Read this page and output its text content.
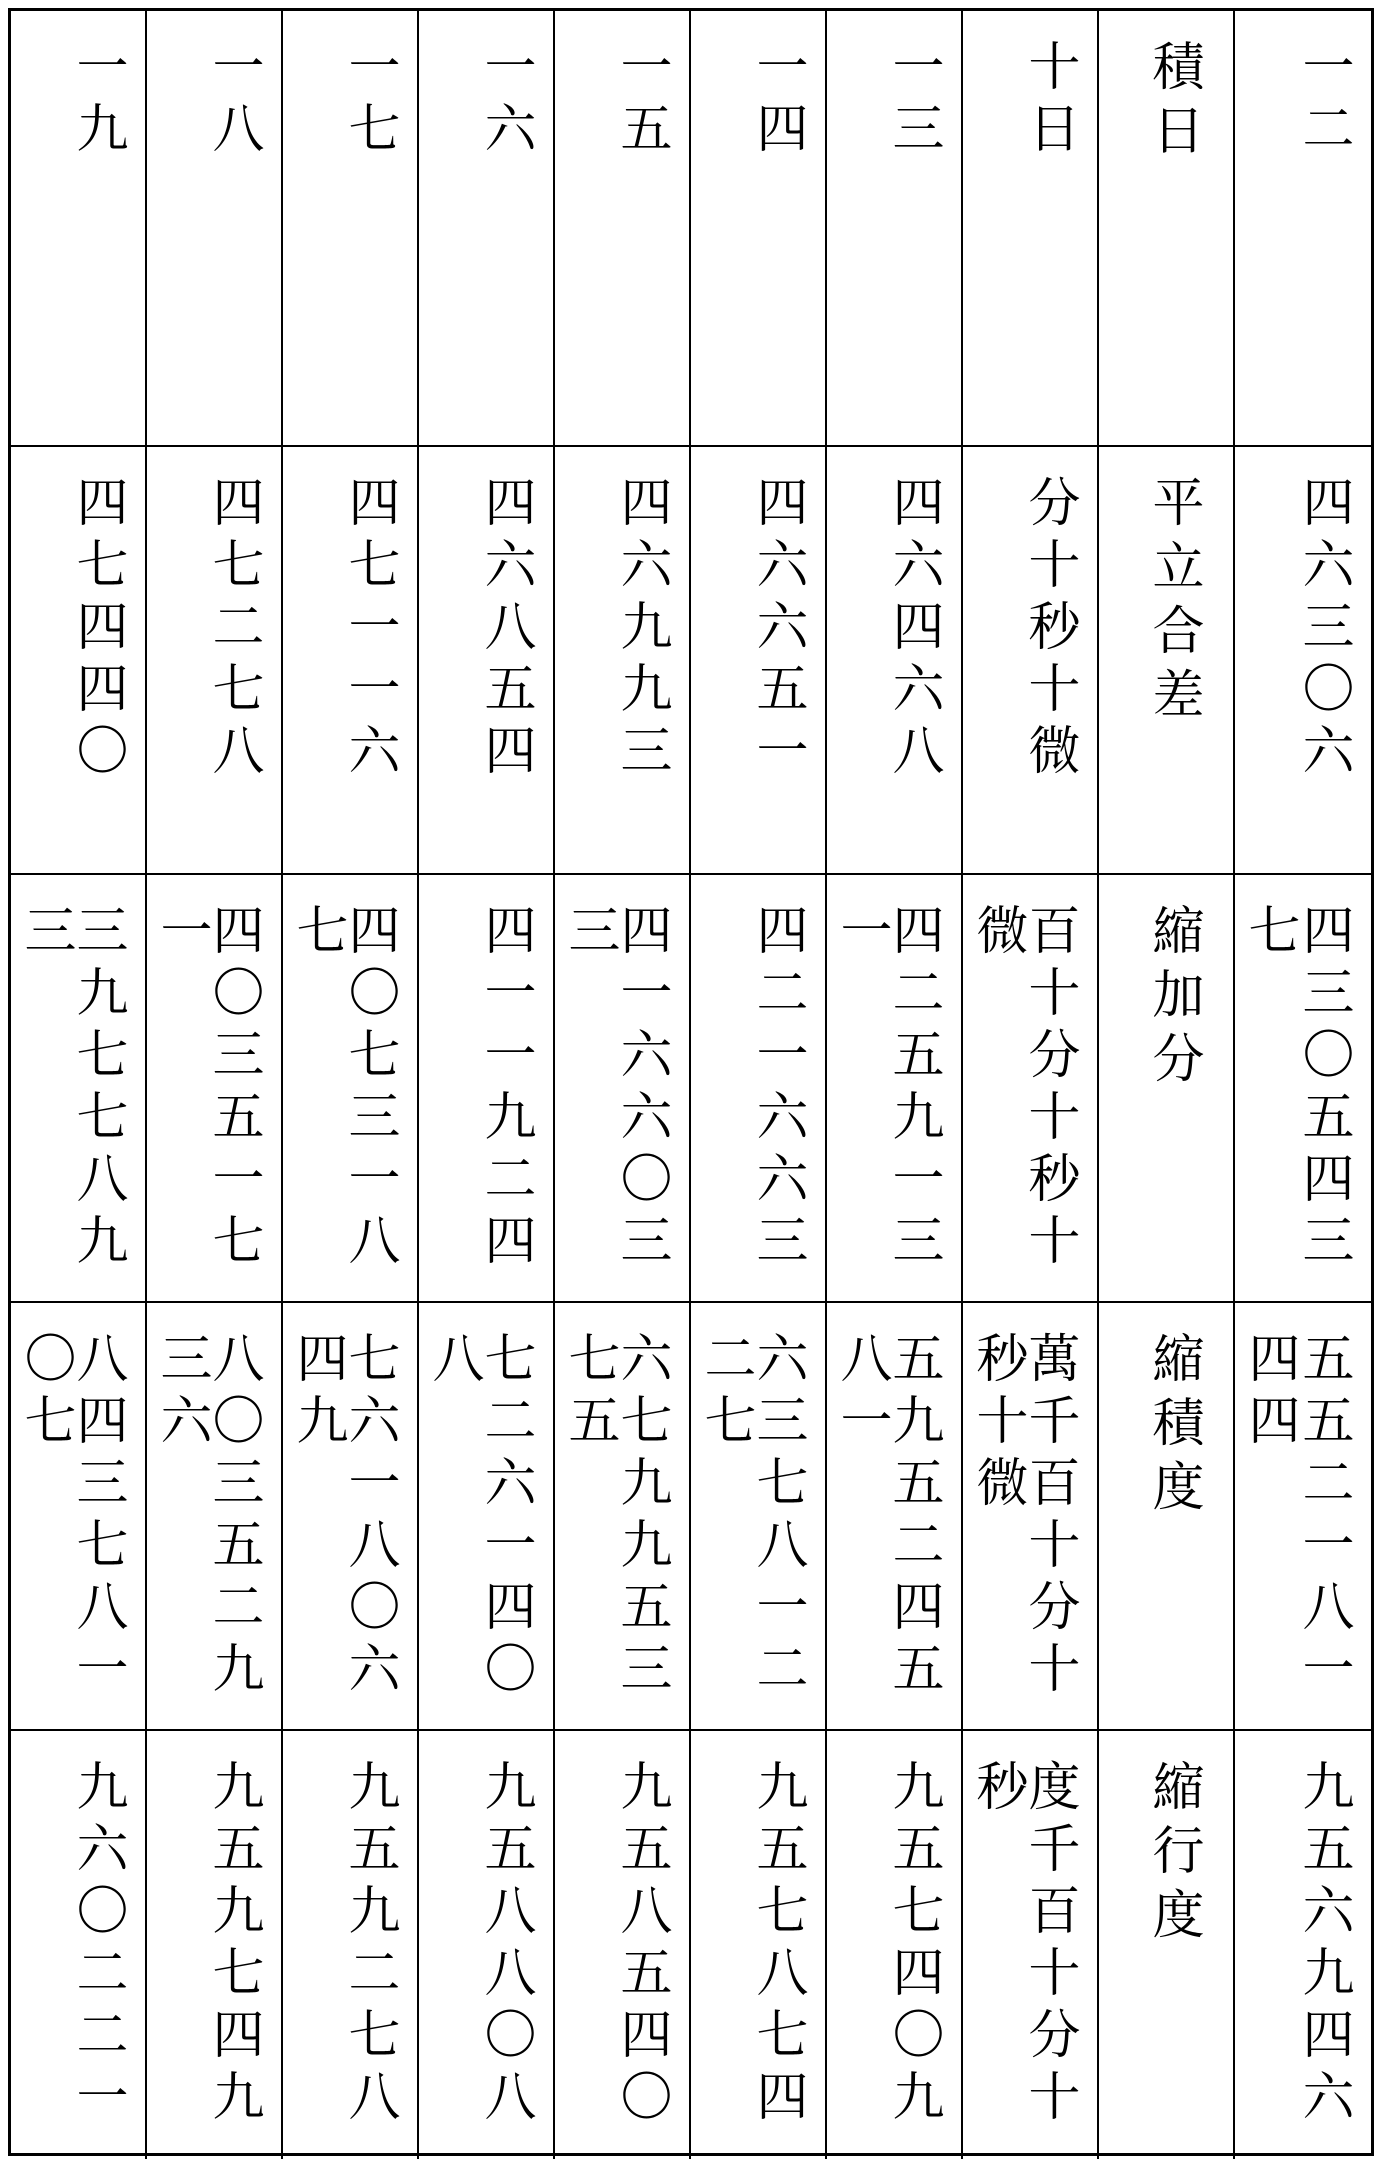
一九 一八 一七 一六 一五 一四 一三 十日 積日 一二
四七四四〇 四七二七八 四七一一六 四六八五四 四六九九三 四六六五一 四六四六八 分十秒十微 平立合差 四六三〇六
三九七七八九
三 四〇三五一七
一 四〇七三一八
七 四一一九二四 四一六六〇三
三 四二一六六三 四二五九一三
一 百十分十秒十
微 縮加分 四三〇五四三
七
八四三七八一
〇七 八〇三五二九
三六 七六一八〇六
四九 七二六一四〇
八 六七九九五三
七五 六三七八一二
二七 五九五二四五
八一 萬千百十分十
秒十微 縮積度 五五二一八一
四四
九六〇二二一 九五九七四九 九五九二七八 九五八八〇八 九五八五四〇 九五七八七四 九五七四〇九 度千百十分十
秒 縮行度 九五六九四六
